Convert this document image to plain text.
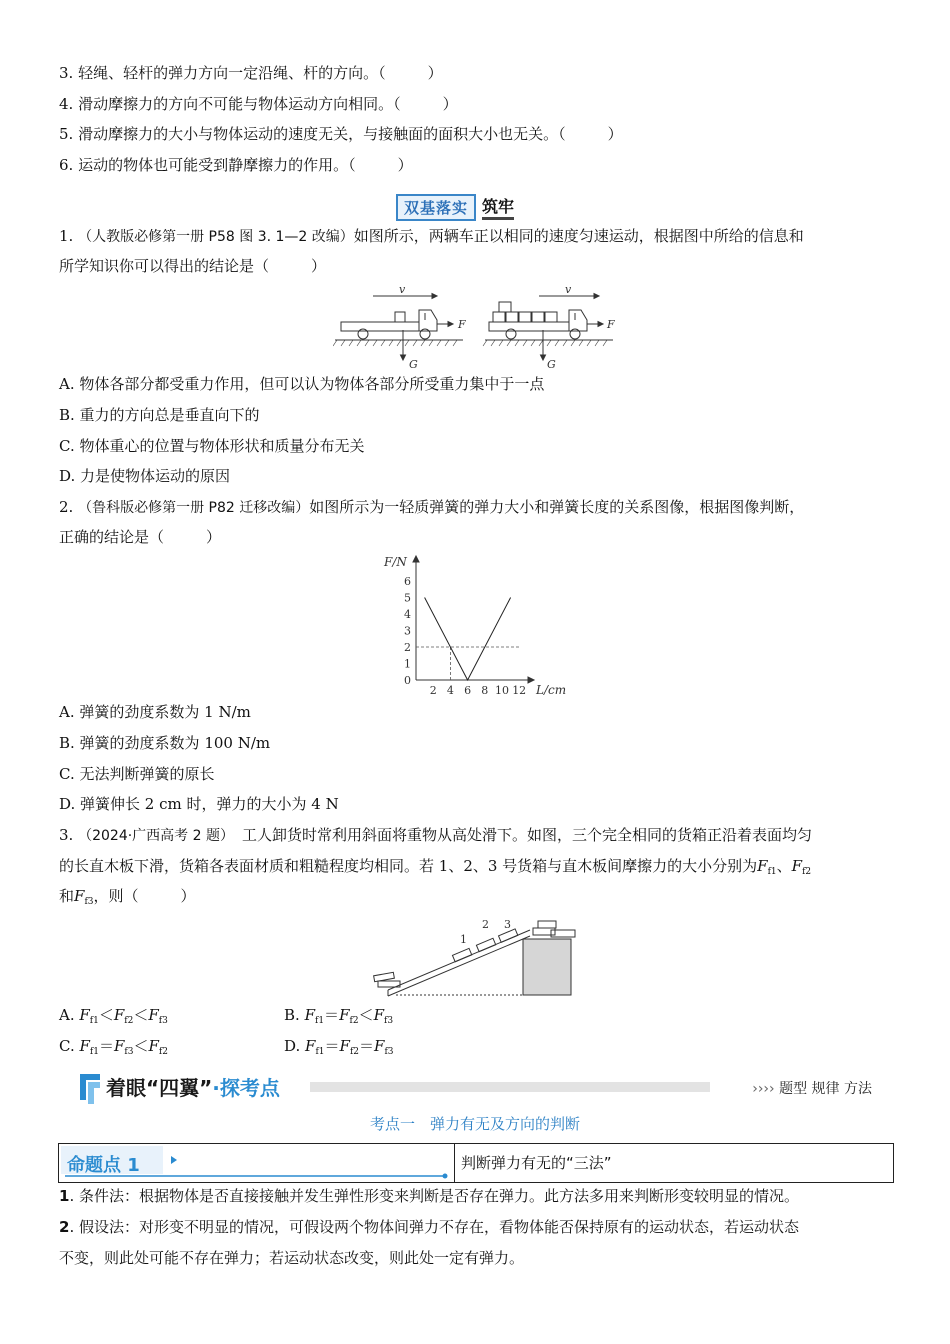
3. 轻绳、轻杆的弹力方向一定沿绳、杆的方向。（	）
4. 滑动摩擦力的方向不可能与物体运动方向相同。（	）
5. 滑动摩擦力的大小与物体运动的速度无关，与接触面的面积大小也无关。（	）
6. 运动的物体也可能受到静摩擦力的作用。（	）
双基落实 筑牢
1. （人教版必修第一册 P58 图 3. 1—2 改编）如图所示，两辆车正以相同的速度匀速运动，根据图中所给的信息和
所学知识你可以得出的结论是（	）
v
F
G
v
F
G
A. 物体各部分都受重力作用，但可以认为物体各部分所受重力集中于一点
B. 重力的方向总是垂直向下的
C. 物体重心的位置与物体形状和质量分布无关
D. 力是使物体运动的原因
2. （鲁科版必修第一册 P82 迁移改编）如图所示为一轻质弹簧的弹力大小和弹簧长度的关系图像，根据图像判断，
正确的结论是（	）
0
1
2
3
4
5
6
2 4 6 8 10 12
F/N
L/cm
A. 弹簧的劲度系数为 1 N/m
B. 弹簧的劲度系数为 100 N/m
C. 无法判断弹簧的原长
D. 弹簧伸长 2 cm 时，弹力的大小为 4 N
3. （2024·广西高考 2 题）　 工人卸货时常利用斜面将重物从高处滑下。如图，三个完全相同的货箱正沿着表面均匀
的长直木板下滑，货箱各表面材质和粗糙程度均相同。若 1、2、3 号货箱与直木板间摩擦力的大小分别为$F_{f1}$、$F_{f2}$
和$F_{f3}$，则（	）
1
2 3
A. $F_{f1}<F_{f2}<F_{f3}$	B. $F_{f1}=F_{f2}<F_{f3}$
C. $F_{f1}=F_{f3}<F_{f2}$	D. $F_{f1}=F_{f2}=F_{f3}$
着眼“四翼”·探考点	›››› 题型 规律 方法
考点一　弹力有无及方向的判断
命题点 1	判断弹力有无的“三法”
1. 条件法：根据物体是否直接接触并发生弹性形变来判断是否存在弹力。此方法多用来判断形变较明显的情况。
2. 假设法：对形变不明显的情况，可假设两个物体间弹力不存在，看物体能否保持原有的运动状态，若运动状态
不变，则此处可能不存在弹力；若运动状态改变，则此处一定有弹力。
